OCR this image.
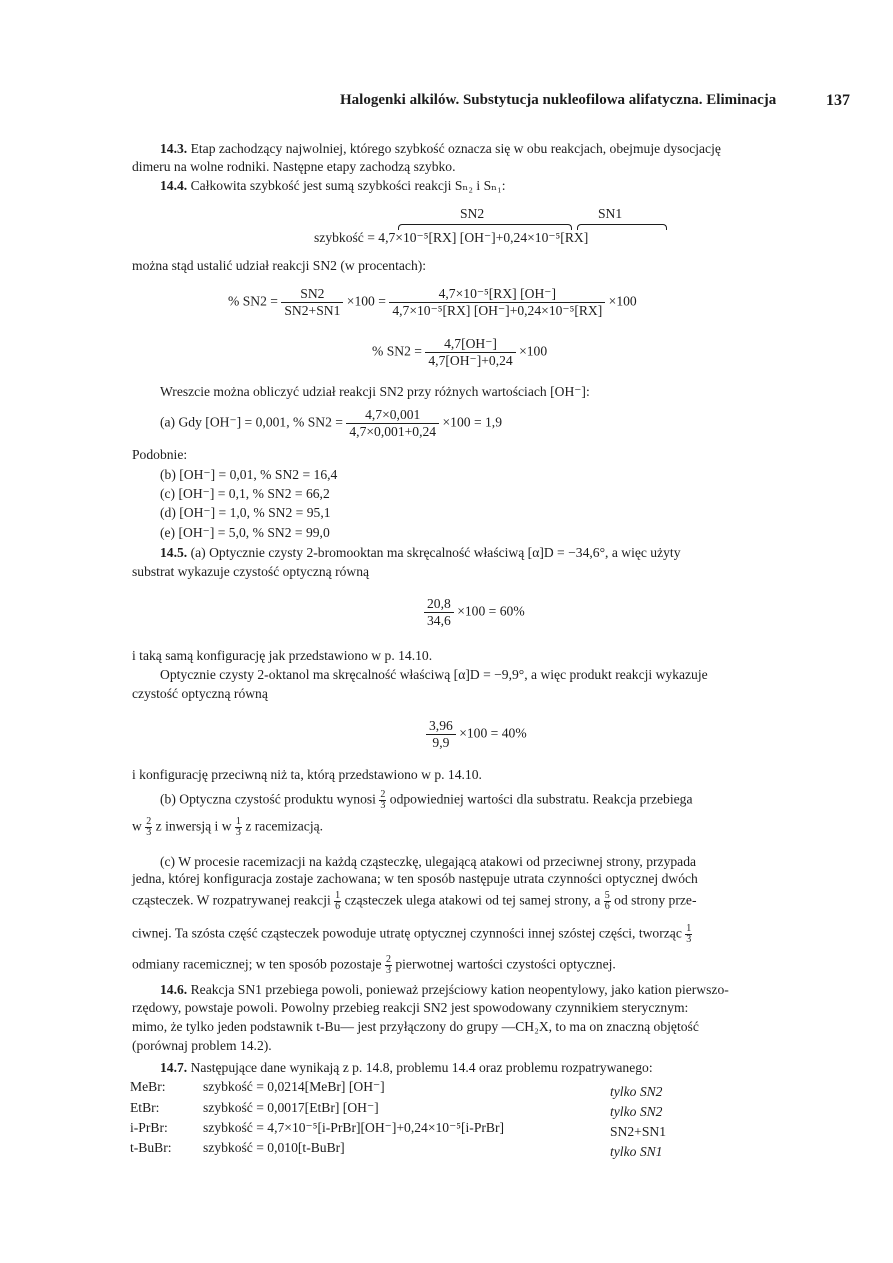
Halogenki alkilów. Substytucja nukleofilowa alifatyczna. Eliminacja	137
14.3. Etap zachodzący najwolniej, którego szybkość oznacza się w obu reakcjach, obejmuje dysocjację
dimeru na wolne rodniki. Następne etapy zachodzą szybko.
14.4. Całkowita szybkość jest sumą szybkości reakcji Sₙ₂ i Sₙ₁:
SN2	SN1
szybkość = 4,7×10⁻⁵[RX] [OH⁻]+0,24×10⁻⁵[RX]
można stąd ustalić udział reakcji SN2 (w procentach):
% $SN2 = \frac{SN2}{SN2+SN1} \times 100 = \frac{\text{4,7×10⁻⁵[RX] [OH⁻]}}{\text{4,7×10⁻⁵[RX] [OH⁻]+0,24×10⁻⁵[RX]}} \times 100$
% $SN2 = \frac{4,7[OH^-]}{4,7[OH^-]+0,24} \times 100$
Wreszcie można obliczyć udział reakcji SN2 przy różnych wartościach [OH⁻]:
(a) Gdy [OH⁻] = 0,001, % $SN2 = \frac{4,7\times 0,001}{4,7\times 0,001+0,24} \times 100 = 1,9$
Podobnie:
(b) [OH⁻] = 0,01, % SN2 = 16,4
(c) [OH⁻] = 0,1, % SN2 = 66,2
(d) [OH⁻] = 1,0, % SN2 = 95,1
(e) [OH⁻] = 5,0, % SN2 = 99,0
14.5. (a) Optycznie czysty 2-bromooktan ma skręcalność właściwą [α]D = −34,6°, a więc użyty
substrat wykazuje czystość optyczną równą
$\frac{20,8}{34,6} \times 100 = 60\%$
i taką samą konfigurację jak przedstawiono w p. 14.10.
Optycznie czysty 2-oktanol ma skręcalność właściwą [α]D = −9,9°, a więc produkt reakcji wykazuje
czystość optyczną równą
$\frac{3,96}{9,9} \times 100 = 40\%$
i konfigurację przeciwną niż ta, którą przedstawiono w p. 14.10.
(b) Optyczna czystość produktu wynosi $\frac{2}{3}$ odpowiedniej wartości dla substratu. Reakcja przebiega
w $\frac{2}{3}$ z inwersją i w $\frac{1}{3}$ z racemizacją.
(c) W procesie racemizacji na każdą cząsteczkę, ulegającą atakowi od przeciwnej strony, przypada
jedna, której konfiguracja zostaje zachowana; w ten sposób następuje utrata czynności optycznej dwóch
cząsteczek. W rozpatrywanej reakcji $\frac{1}{6}$ cząsteczek ulega atakowi od tej samej strony, a $\frac{5}{6}$ od strony prze-
ciwnej. Ta szósta część cząsteczek powoduje utratę optycznej czynności innej szóstej części, tworząc $\frac{1}{3}$
odmiany racemicznej; w ten sposób pozostaje $\frac{2}{3}$ pierwotnej wartości czystości optycznej.
14.6. Reakcja SN1 przebiega powoli, ponieważ przejściowy kation neopentylowy, jako kation pierwszo-
rzędowy, powstaje powoli. Powolny przebieg reakcji SN2 jest spowodowany czynnikiem sterycznym:
mimo, że tylko jeden podstawnik t-Bu— jest przyłączony do grupy —CH₂X, to ma on znaczną objętość
(porównaj problem 14.2).
14.7. Następujące dane wynikają z p. 14.8, problemu 14.4 oraz problemu rozpatrywanego:
MeBr:	szybkość = 0,0214[MeBr] [OH⁻]	tylko SN2
EtBr:	szybkość = 0,0017[EtBr] [OH⁻]	tylko SN2
i-PrBr:	szybkość = 4,7×10⁻⁵[i-PrBr][OH⁻]+0,24×10⁻⁵[i-PrBr]	SN2+SN1
t-BuBr: szybkość = 0,010[t-BuBr]	tylko SN1
